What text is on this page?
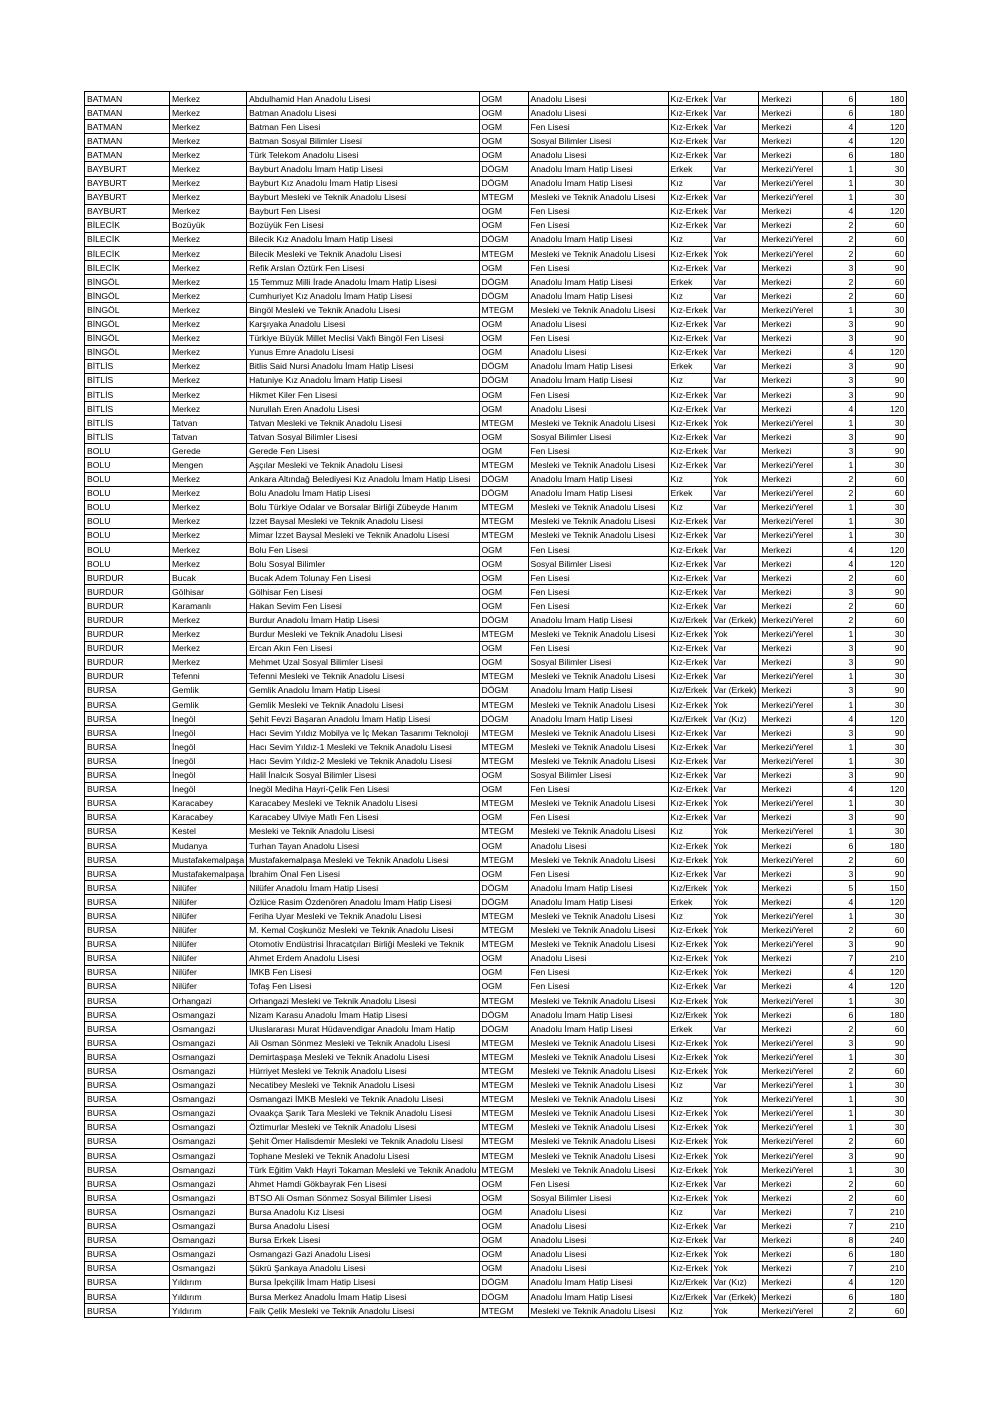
BATMAN	Merkez	Abdulhamid Han Anadolu Lisesi	OGM	Anadolu Lisesi	Kız-Erkek	Var	Merkezi	6	180
BATMAN	Merkez	Batman Anadolu Lisesi	OGM	Anadolu Lisesi	Kız-Erkek	Var	Merkezi	6	180
BATMAN	Merkez	Batman Fen Lisesi	OGM	Fen Lisesi	Kız-Erkek	Var	Merkezi	4	120
BATMAN	Merkez	Batman Sosyal Bilimler Lisesi	OGM	Sosyal Bilimler Lisesi	Kız-Erkek	Var	Merkezi	4	120
BATMAN	Merkez	Türk Telekom Anadolu Lisesi	OGM	Anadolu Lisesi	Kız-Erkek	Var	Merkezi	6	180
BAYBURT	Merkez	Bayburt Anadolu İmam Hatip Lisesi	DÖGM	Anadolu İmam Hatip Lisesi	Erkek	Var	Merkezi/Yerel	1	30
BAYBURT	Merkez	Bayburt Kız Anadolu İmam Hatip Lisesi	DÖGM	Anadolu İmam Hatip Lisesi	Kız	Var	Merkezi/Yerel	1	30
BAYBURT	Merkez	Bayburt Mesleki ve Teknik Anadolu Lisesi	MTEGM	Mesleki ve Teknik Anadolu Lisesi	Kız-Erkek	Var	Merkezi/Yerel	1	30
BAYBURT	Merkez	Bayburt Fen Lisesi	OGM	Fen Lisesi	Kız-Erkek	Var	Merkezi	4	120
BİLECİK	Bozüyük	Bozüyük Fen Lisesi	OGM	Fen Lisesi	Kız-Erkek	Var	Merkezi	2	60
BİLECİK	Merkez	Bilecik Kız Anadolu İmam Hatip Lisesi	DÖGM	Anadolu İmam Hatip Lisesi	Kız	Var	Merkezi/Yerel	2	60
BİLECİK	Merkez	Bilecik Mesleki ve Teknik Anadolu Lisesi	MTEGM	Mesleki ve Teknik Anadolu Lisesi	Kız-Erkek	Yok	Merkezi/Yerel	2	60
BİLECİK	Merkez	Refik Arslan Öztürk Fen Lisesi	OGM	Fen Lisesi	Kız-Erkek	Var	Merkezi	3	90
BİNGÖL	Merkez	15 Temmuz Milli İrade Anadolu İmam Hatip Lisesi	DÖGM	Anadolu İmam Hatip Lisesi	Erkek	Var	Merkezi	2	60
BİNGÖL	Merkez	Cumhuriyet Kız Anadolu İmam Hatip Lisesi	DÖGM	Anadolu İmam Hatip Lisesi	Kız	Var	Merkezi	2	60
BİNGÖL	Merkez	Bingöl Mesleki ve Teknik Anadolu Lisesi	MTEGM	Mesleki ve Teknik Anadolu Lisesi	Kız-Erkek	Var	Merkezi/Yerel	1	30
BİNGÖL	Merkez	Karşıyaka Anadolu Lisesi	OGM	Anadolu Lisesi	Kız-Erkek	Var	Merkezi	3	90
BİNGÖL	Merkez	Türkiye Büyük Millet Meclisi Vakfı Bingöl Fen Lisesi	OGM	Fen Lisesi	Kız-Erkek	Var	Merkezi	3	90
BİNGÖL	Merkez	Yunus Emre Anadolu Lisesi	OGM	Anadolu Lisesi	Kız-Erkek	Var	Merkezi	4	120
BİTLİS	Merkez	Bitlis Said Nursi Anadolu İmam Hatip Lisesi	DÖGM	Anadolu İmam Hatip Lisesi	Erkek	Var	Merkezi	3	90
BİTLİS	Merkez	Hatuniye Kız Anadolu İmam Hatip Lisesi	DÖGM	Anadolu İmam Hatip Lisesi	Kız	Var	Merkezi	3	90
BİTLİS	Merkez	Hikmet Kiler Fen Lisesi	OGM	Fen Lisesi	Kız-Erkek	Var	Merkezi	3	90
BİTLİS	Merkez	Nurullah Eren Anadolu Lisesi	OGM	Anadolu Lisesi	Kız-Erkek	Var	Merkezi	4	120
BİTLİS	Tatvan	Tatvan Mesleki ve Teknik Anadolu Lisesi	MTEGM	Mesleki ve Teknik Anadolu Lisesi	Kız-Erkek	Yok	Merkezi/Yerel	1	30
BİTLİS	Tatvan	Tatvan Sosyal Bilimler Lisesi	OGM	Sosyal Bilimler Lisesi	Kız-Erkek	Var	Merkezi	3	90
BOLU	Gerede	Gerede Fen Lisesi	OGM	Fen Lisesi	Kız-Erkek	Var	Merkezi	3	90
BOLU	Mengen	Aşçılar Mesleki ve Teknik Anadolu Lisesi	MTEGM	Mesleki ve Teknik Anadolu Lisesi	Kız-Erkek	Var	Merkezi/Yerel	1	30
BOLU	Merkez	Ankara Altındağ Belediyesi Kız Anadolu İmam Hatip Lisesi	DÖGM	Anadolu İmam Hatip Lisesi	Kız	Yok	Merkezi	2	60
BOLU	Merkez	Bolu Anadolu İmam Hatip Lisesi	DÖGM	Anadolu İmam Hatip Lisesi	Erkek	Var	Merkezi/Yerel	2	60
BOLU	Merkez	Bolu Türkiye Odalar ve Borsalar Birliği Zübeyde Hanım	MTEGM	Mesleki ve Teknik Anadolu Lisesi	Kız	Var	Merkezi/Yerel	1	30
BOLU	Merkez	İzzet Baysal Mesleki ve Teknik Anadolu Lisesi	MTEGM	Mesleki ve Teknik Anadolu Lisesi	Kız-Erkek	Var	Merkezi/Yerel	1	30
BOLU	Merkez	Mimar İzzet Baysal Mesleki ve Teknik Anadolu Lisesi	MTEGM	Mesleki ve Teknik Anadolu Lisesi	Kız-Erkek	Var	Merkezi/Yerel	1	30
BOLU	Merkez	Bolu Fen Lisesi	OGM	Fen Lisesi	Kız-Erkek	Var	Merkezi	4	120
BOLU	Merkez	Bolu Sosyal Bilimler	OGM	Sosyal Bilimler Lisesi	Kız-Erkek	Var	Merkezi	4	120
BURDUR	Bucak	Bucak Adem Tolunay Fen Lisesi	OGM	Fen Lisesi	Kız-Erkek	Var	Merkezi	2	60
BURDUR	Gölhisar	Gölhisar Fen Lisesi	OGM	Fen Lisesi	Kız-Erkek	Var	Merkezi	3	90
BURDUR	Karamanlı	Hakan Sevim Fen Lisesi	OGM	Fen Lisesi	Kız-Erkek	Var	Merkezi	2	60
BURDUR	Merkez	Burdur Anadolu İmam Hatip Lisesi	DÖGM	Anadolu İmam Hatip Lisesi	Kız/Erkek	Var (Erkek)	Merkezi/Yerel	2	60
BURDUR	Merkez	Burdur Mesleki ve Teknik Anadolu Lisesi	MTEGM	Mesleki ve Teknik Anadolu Lisesi	Kız-Erkek	Yok	Merkezi/Yerel	1	30
BURDUR	Merkez	Ercan Akın Fen Lisesi	OGM	Fen Lisesi	Kız-Erkek	Var	Merkezi	3	90
BURDUR	Merkez	Mehmet Uzal Sosyal Bilimler Lisesi	OGM	Sosyal Bilimler Lisesi	Kız-Erkek	Var	Merkezi	3	90
BURDUR	Tefenni	Tefenni Mesleki ve Teknik Anadolu Lisesi	MTEGM	Mesleki ve Teknik Anadolu Lisesi	Kız-Erkek	Var	Merkezi/Yerel	1	30
BURSA	Gemlik	Gemlik Anadolu İmam Hatip Lisesi	DÖGM	Anadolu İmam Hatip Lisesi	Kız/Erkek	Var (Erkek)	Merkezi	3	90
BURSA	Gemlik	Gemlik Mesleki ve Teknik Anadolu Lisesi	MTEGM	Mesleki ve Teknik Anadolu Lisesi	Kız-Erkek	Yok	Merkezi/Yerel	1	30
BURSA	İnegöl	Şehit Fevzi Başaran Anadolu İmam Hatip Lisesi	DÖGM	Anadolu İmam Hatip Lisesi	Kız/Erkek	Var (Kız)	Merkezi	4	120
BURSA	İnegöl	Hacı Sevim Yıldız Mobilya ve İç Mekan Tasarımı Teknoloji	MTEGM	Mesleki ve Teknik Anadolu Lisesi	Kız-Erkek	Var	Merkezi	3	90
BURSA	İnegöl	Hacı Sevim Yıldız-1 Mesleki ve Teknik Anadolu Lisesi	MTEGM	Mesleki ve Teknik Anadolu Lisesi	Kız-Erkek	Var	Merkezi/Yerel	1	30
BURSA	İnegöl	Hacı Sevim Yıldız-2 Mesleki ve Teknik Anadolu Lisesi	MTEGM	Mesleki ve Teknik Anadolu Lisesi	Kız-Erkek	Var	Merkezi/Yerel	1	30
BURSA	İnegöl	Halil İnalcık Sosyal Bilimler Lisesi	OGM	Sosyal Bilimler Lisesi	Kız-Erkek	Var	Merkezi	3	90
BURSA	İnegöl	İnegöl Mediha Hayri-Çelik Fen Lisesi	OGM	Fen Lisesi	Kız-Erkek	Var	Merkezi	4	120
BURSA	Karacabey	Karacabey Mesleki ve Teknik Anadolu Lisesi	MTEGM	Mesleki ve Teknik Anadolu Lisesi	Kız-Erkek	Yok	Merkezi/Yerel	1	30
BURSA	Karacabey	Karacabey Ulviye Matlı Fen Lisesi	OGM	Fen Lisesi	Kız-Erkek	Var	Merkezi	3	90
BURSA	Kestel	Mesleki ve Teknik Anadolu Lisesi	MTEGM	Mesleki ve Teknik Anadolu Lisesi	Kız	Yok	Merkezi/Yerel	1	30
BURSA	Mudanya	Turhan Tayan Anadolu Lisesi	OGM	Anadolu Lisesi	Kız-Erkek	Yok	Merkezi	6	180
BURSA	Mustafakemalpaşa	Mustafakemalpaşa Mesleki ve Teknik Anadolu Lisesi	MTEGM	Mesleki ve Teknik Anadolu Lisesi	Kız-Erkek	Yok	Merkezi/Yerel	2	60
BURSA	Mustafakemalpaşa	İbrahim Önal Fen Lisesi	OGM	Fen Lisesi	Kız-Erkek	Var	Merkezi	3	90
BURSA	Nilüfer	Nilüfer Anadolu İmam Hatip Lisesi	DÖGM	Anadolu İmam Hatip Lisesi	Kız/Erkek	Yok	Merkezi	5	150
BURSA	Nilüfer	Özlüce Rasim Özdenören Anadolu İmam Hatip Lisesi	DÖGM	Anadolu İmam Hatip Lisesi	Erkek	Yok	Merkezi	4	120
BURSA	Nilüfer	Feriha Uyar Mesleki ve Teknik Anadolu Lisesi	MTEGM	Mesleki ve Teknik Anadolu Lisesi	Kız	Yok	Merkezi/Yerel	1	30
BURSA	Nilüfer	M. Kemal Coşkunöz Mesleki ve Teknik Anadolu Lisesi	MTEGM	Mesleki ve Teknik Anadolu Lisesi	Kız-Erkek	Yok	Merkezi/Yerel	2	60
BURSA	Nilüfer	Otomotiv Endüstrisi İhracatçıları Birliği Mesleki ve Teknik	MTEGM	Mesleki ve Teknik Anadolu Lisesi	Kız-Erkek	Yok	Merkezi/Yerel	3	90
BURSA	Nilüfer	Ahmet Erdem Anadolu Lisesi	OGM	Anadolu Lisesi	Kız-Erkek	Yok	Merkezi	7	210
BURSA	Nilüfer	İMKB Fen Lisesi	OGM	Fen Lisesi	Kız-Erkek	Yok	Merkezi	4	120
BURSA	Nilüfer	Tofaş Fen Lisesi	OGM	Fen Lisesi	Kız-Erkek	Var	Merkezi	4	120
BURSA	Orhangazi	Orhangazi Mesleki ve Teknik Anadolu Lisesi	MTEGM	Mesleki ve Teknik Anadolu Lisesi	Kız-Erkek	Yok	Merkezi/Yerel	1	30
BURSA	Osmangazi	Nizam Karasu Anadolu İmam Hatip Lisesi	DÖGM	Anadolu İmam Hatip Lisesi	Kız/Erkek	Yok	Merkezi	6	180
BURSA	Osmangazi	Uluslararası Murat Hüdavendigar Anadolu İmam Hatip	DÖGM	Anadolu İmam Hatip Lisesi	Erkek	Var	Merkezi	2	60
BURSA	Osmangazi	Ali Osman Sönmez Mesleki ve Teknik Anadolu Lisesi	MTEGM	Mesleki ve Teknik Anadolu Lisesi	Kız-Erkek	Yok	Merkezi/Yerel	3	90
BURSA	Osmangazi	Demirtaşpaşa Mesleki ve Teknik Anadolu Lisesi	MTEGM	Mesleki ve Teknik Anadolu Lisesi	Kız-Erkek	Yok	Merkezi/Yerel	1	30
BURSA	Osmangazi	Hürriyet Mesleki ve Teknik Anadolu Lisesi	MTEGM	Mesleki ve Teknik Anadolu Lisesi	Kız-Erkek	Yok	Merkezi/Yerel	2	60
BURSA	Osmangazi	Necatibey Mesleki ve Teknik Anadolu Lisesi	MTEGM	Mesleki ve Teknik Anadolu Lisesi	Kız	Var	Merkezi/Yerel	1	30
BURSA	Osmangazi	Osmangazi İMKB Mesleki ve Teknik Anadolu Lisesi	MTEGM	Mesleki ve Teknik Anadolu Lisesi	Kız	Yok	Merkezi/Yerel	1	30
BURSA	Osmangazi	Ovaakça Şarık Tara Mesleki ve Teknik Anadolu Lisesi	MTEGM	Mesleki ve Teknik Anadolu Lisesi	Kız-Erkek	Yok	Merkezi/Yerel	1	30
BURSA	Osmangazi	Öztimurlar Mesleki ve Teknik Anadolu Lisesi	MTEGM	Mesleki ve Teknik Anadolu Lisesi	Kız-Erkek	Yok	Merkezi/Yerel	1	30
BURSA	Osmangazi	Şehit Ömer Halisdemir Mesleki ve Teknik Anadolu Lisesi	MTEGM	Mesleki ve Teknik Anadolu Lisesi	Kız-Erkek	Yok	Merkezi/Yerel	2	60
BURSA	Osmangazi	Tophane Mesleki ve Teknik Anadolu Lisesi	MTEGM	Mesleki ve Teknik Anadolu Lisesi	Kız-Erkek	Yok	Merkezi/Yerel	3	90
BURSA	Osmangazi	Türk Eğitim Vakfı Hayri Tokaman Mesleki ve Teknik Anadolu	MTEGM	Mesleki ve Teknik Anadolu Lisesi	Kız-Erkek	Yok	Merkezi/Yerel	1	30
BURSA	Osmangazi	Ahmet Hamdi Gökbayrak Fen Lisesi	OGM	Fen Lisesi	Kız-Erkek	Var	Merkezi	2	60
BURSA	Osmangazi	BTSO Ali Osman Sönmez Sosyal Bilimler Lisesi	OGM	Sosyal Bilimler Lisesi	Kız-Erkek	Yok	Merkezi	2	60
BURSA	Osmangazi	Bursa Anadolu Kız Lisesi	OGM	Anadolu Lisesi	Kız	Var	Merkezi	7	210
BURSA	Osmangazi	Bursa Anadolu Lisesi	OGM	Anadolu Lisesi	Kız-Erkek	Var	Merkezi	7	210
BURSA	Osmangazi	Bursa Erkek Lisesi	OGM	Anadolu Lisesi	Kız-Erkek	Var	Merkezi	8	240
BURSA	Osmangazi	Osmangazi Gazi Anadolu Lisesi	OGM	Anadolu Lisesi	Kız-Erkek	Yok	Merkezi	6	180
BURSA	Osmangazi	Şükrü Şankaya Anadolu Lisesi	OGM	Anadolu Lisesi	Kız-Erkek	Yok	Merkezi	7	210
BURSA	Yıldırım	Bursa İpekçilik İmam Hatip Lisesi	DÖGM	Anadolu İmam Hatip Lisesi	Kız/Erkek	Var (Kız)	Merkezi	4	120
BURSA	Yıldırım	Bursa Merkez Anadolu İmam Hatip Lisesi	DÖGM	Anadolu İmam Hatip Lisesi	Kız/Erkek	Var (Erkek)	Merkezi	6	180
BURSA	Yıldırım	Faik Çelik Mesleki ve Teknik Anadolu Lisesi	MTEGM	Mesleki ve Teknik Anadolu Lisesi	Kız	Yok	Merkezi/Yerel	2	60
